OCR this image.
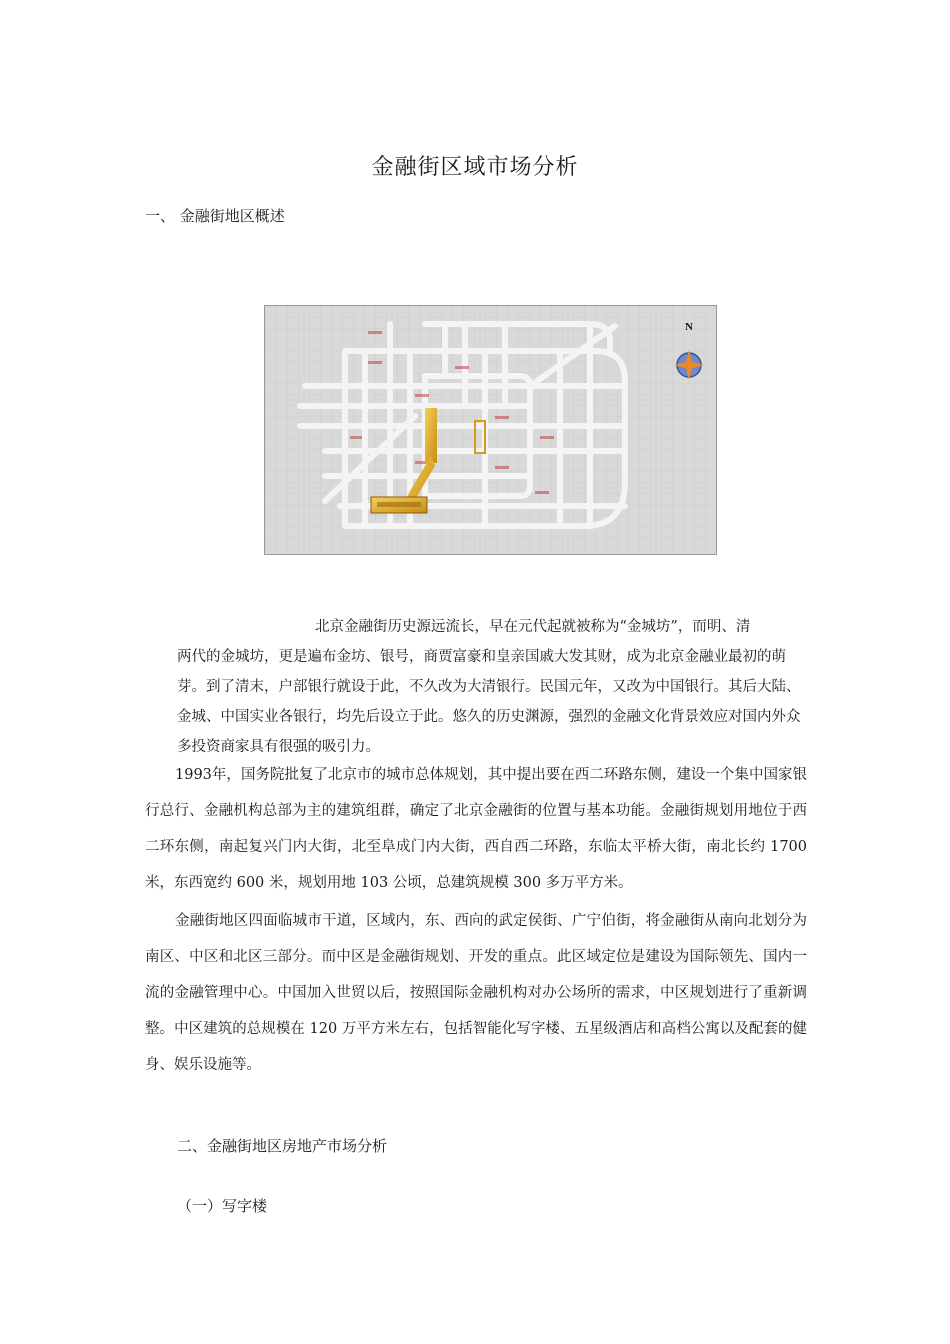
金融街区域市场分析
一、 金融街地区概述
N
北京金融街历史源远流长，早在元代起就被称为“金城坊”，而明、清
两代的金城坊，更是遍布金坊、银号，商贾富豪和皇亲国戚大发其财，成为北京金融业最初的萌芽。到了清末，户部银行就设于此，不久改为大清银行。民国元年，又改为中国银行。其后大陆、金城、中国实业各银行，均先后设立于此。悠久的历史渊源，强烈的金融文化背景效应对国内外众多投资商家具有很强的吸引力。
1993年，国务院批复了北京市的城市总体规划，其中提出要在西二环路东侧，建设一个集中国家银行总行、金融机构总部为主的建筑组群，确定了北京金融街的位置与基本功能。金融街规划用地位于西二环东侧，南起复兴门内大街，北至阜成门内大街，西自西二环路，东临太平桥大街，南北长约 1700 米，东西宽约 600 米，规划用地 103 公顷，总建筑规模 300 多万平方米。
金融街地区四面临城市干道，区域内，东、西向的武定侯街、广宁伯街，将金融街从南向北划分为南区、中区和北区三部分。而中区是金融街规划、开发的重点。此区域定位是建设为国际领先、国内一流的金融管理中心。中国加入世贸以后，按照国际金融机构对办公场所的需求，中区规划进行了重新调整。中区建筑的总规模在 120 万平方米左右，包括智能化写字楼、五星级酒店和高档公寓以及配套的健身、娱乐设施等。
二、金融街地区房地产市场分析
（一）写字楼
